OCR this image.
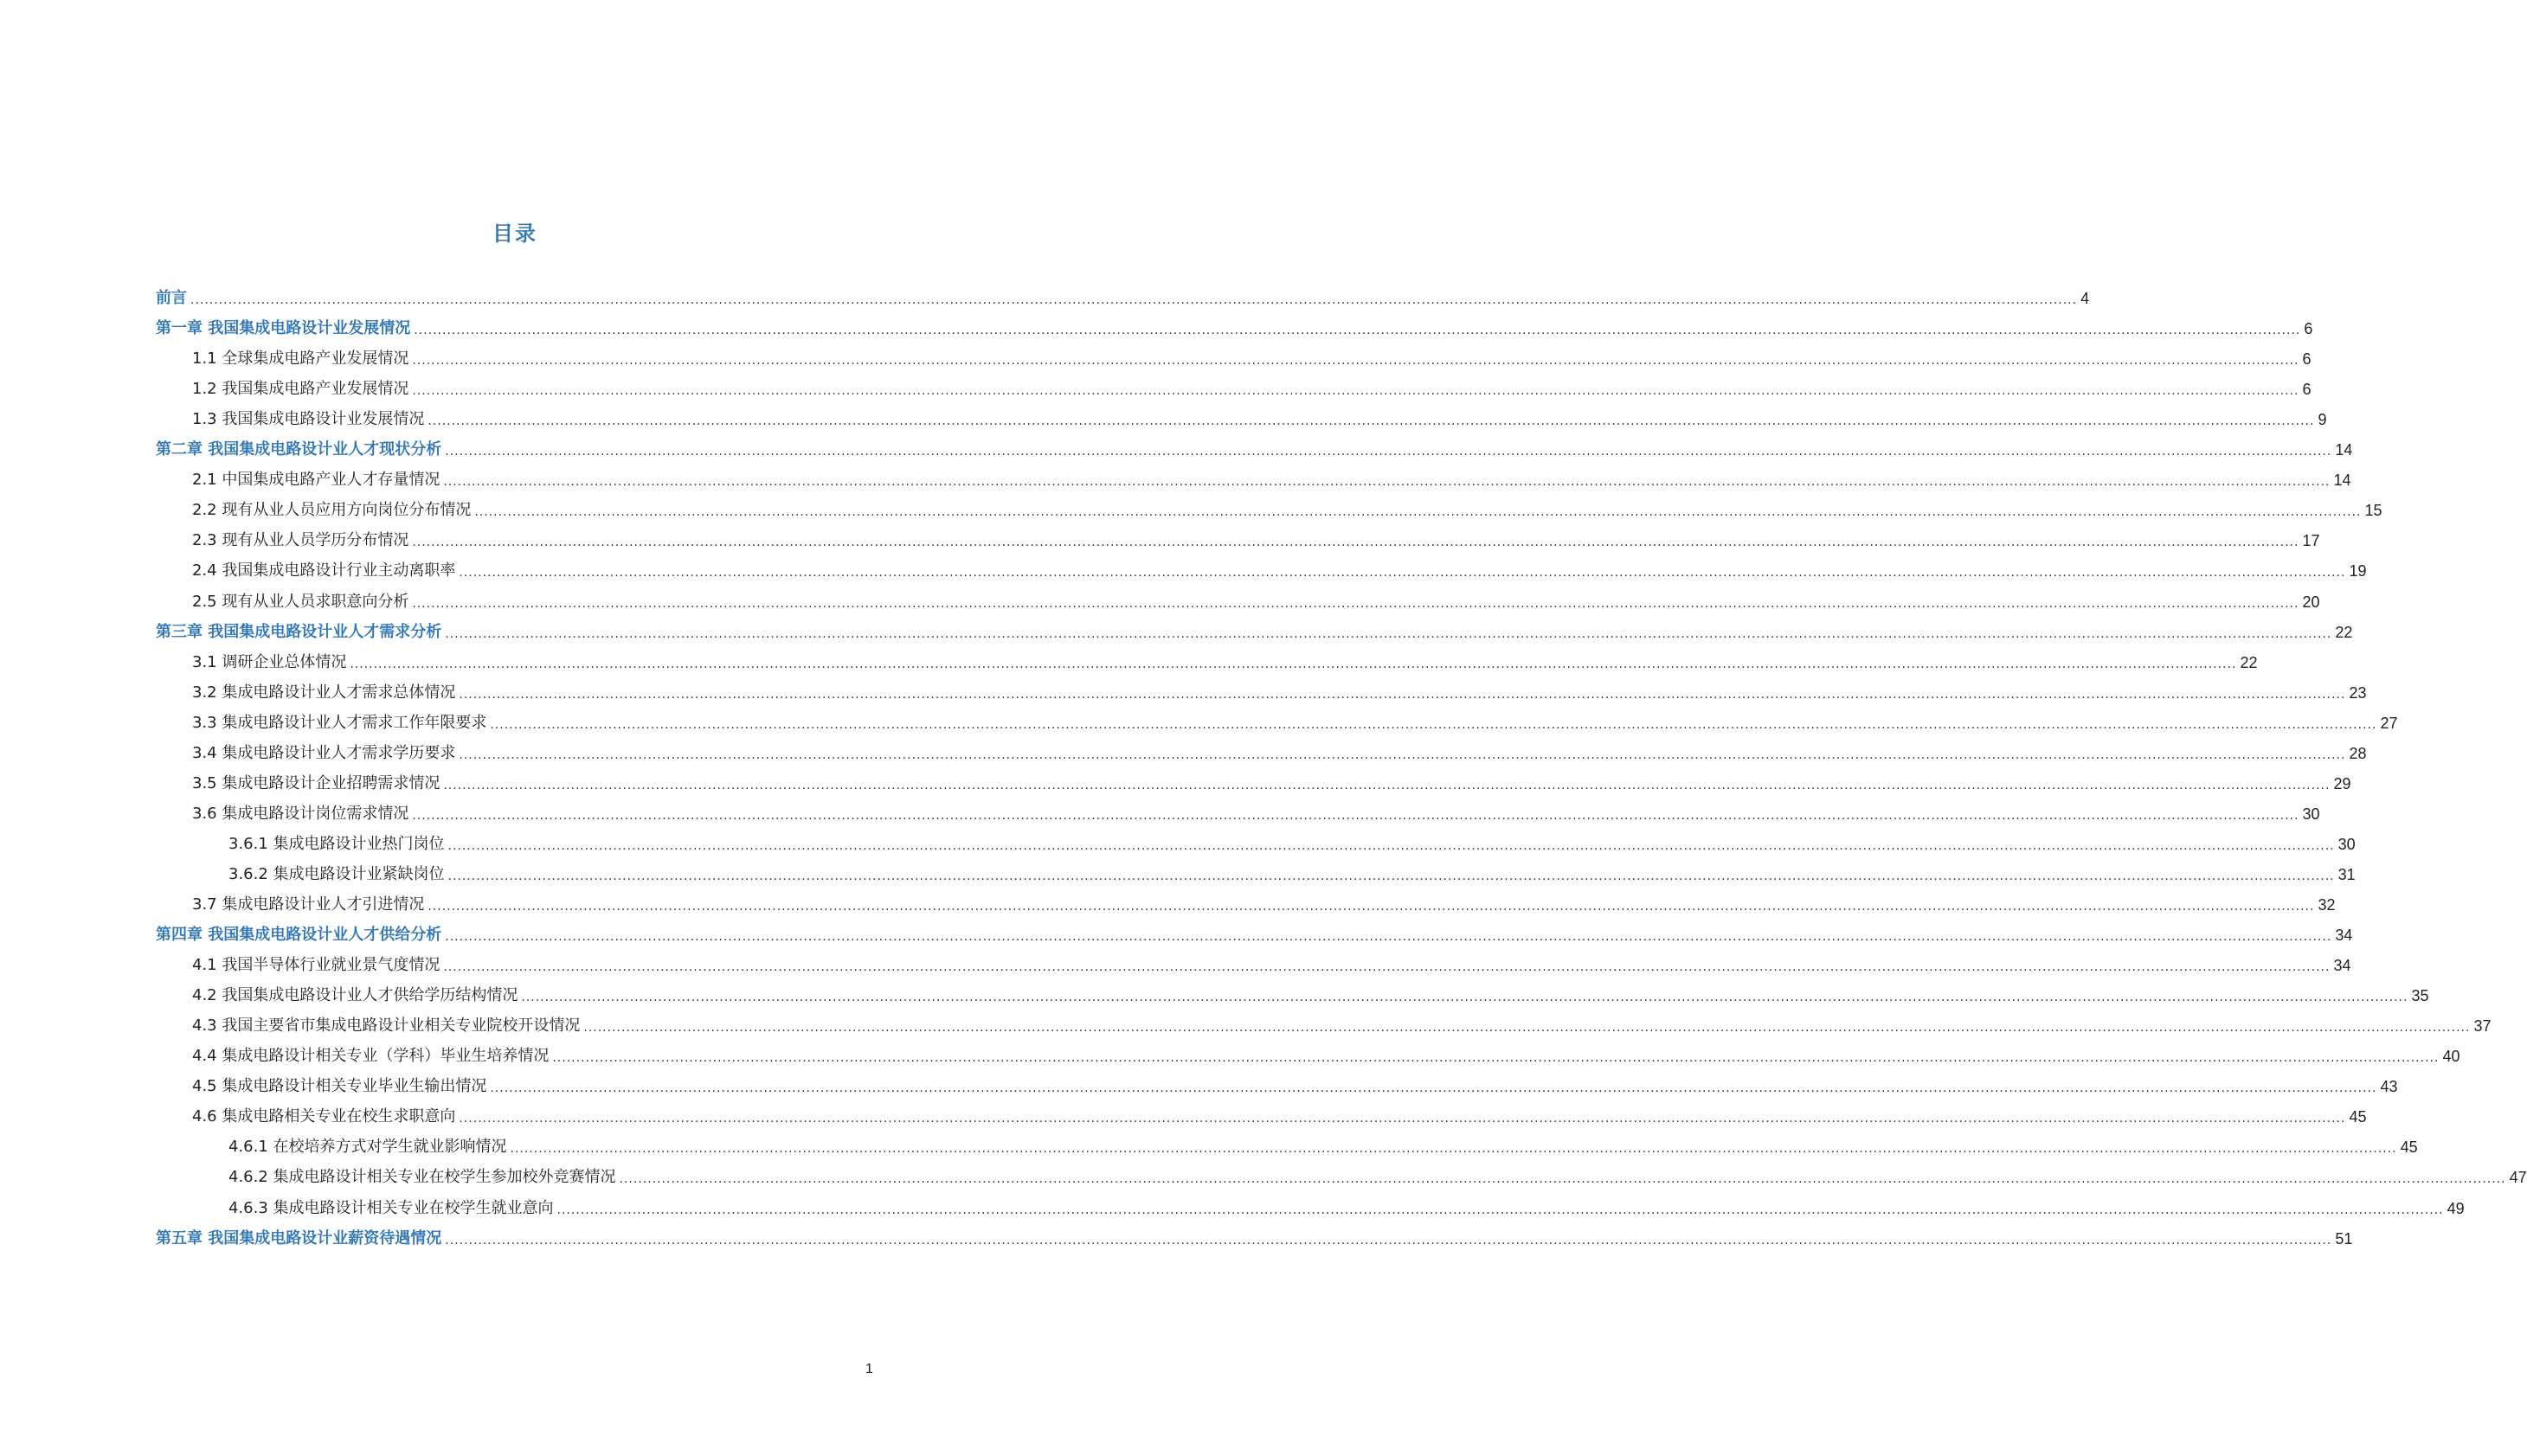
目录
前言 ................................................................................................................................................................................................................................................................................................................................................................................................................ 4
第一章 我国集成电路设计业发展情况 ................................................................................................................................................................................................................................................................................................................................................................................................................ 6
1.1 全球集成电路产业发展情况 ................................................................................................................................................................................................................................................................................................................................................................................................................ 6
1.2 我国集成电路产业发展情况 ................................................................................................................................................................................................................................................................................................................................................................................................................ 6
1.3 我国集成电路设计业发展情况 ................................................................................................................................................................................................................................................................................................................................................................................................................ 9
第二章 我国集成电路设计业人才现状分析 ................................................................................................................................................................................................................................................................................................................................................................................................................ 14
2.1 中国集成电路产业人才存量情况 ................................................................................................................................................................................................................................................................................................................................................................................................................ 14
2.2 现有从业人员应用方向岗位分布情况 ................................................................................................................................................................................................................................................................................................................................................................................................................ 15
2.3 现有从业人员学历分布情况 ................................................................................................................................................................................................................................................................................................................................................................................................................ 17
2.4 我国集成电路设计行业主动离职率 ................................................................................................................................................................................................................................................................................................................................................................................................................ 19
2.5 现有从业人员求职意向分析 ................................................................................................................................................................................................................................................................................................................................................................................................................ 20
第三章 我国集成电路设计业人才需求分析 ................................................................................................................................................................................................................................................................................................................................................................................................................ 22
3.1 调研企业总体情况 ................................................................................................................................................................................................................................................................................................................................................................................................................ 22
3.2 集成电路设计业人才需求总体情况 ................................................................................................................................................................................................................................................................................................................................................................................................................ 23
3.3 集成电路设计业人才需求工作年限要求 ................................................................................................................................................................................................................................................................................................................................................................................................................ 27
3.4 集成电路设计业人才需求学历要求 ................................................................................................................................................................................................................................................................................................................................................................................................................ 28
3.5 集成电路设计企业招聘需求情况 ................................................................................................................................................................................................................................................................................................................................................................................................................ 29
3.6 集成电路设计岗位需求情况 ................................................................................................................................................................................................................................................................................................................................................................................................................ 30
3.6.1 集成电路设计业热门岗位 ................................................................................................................................................................................................................................................................................................................................................................................................................ 30
3.6.2 集成电路设计业紧缺岗位 ................................................................................................................................................................................................................................................................................................................................................................................................................ 31
3.7 集成电路设计业人才引进情况 ................................................................................................................................................................................................................................................................................................................................................................................................................ 32
第四章 我国集成电路设计业人才供给分析 ................................................................................................................................................................................................................................................................................................................................................................................................................ 34
4.1 我国半导体行业就业景气度情况 ................................................................................................................................................................................................................................................................................................................................................................................................................ 34
4.2 我国集成电路设计业人才供给学历结构情况 ................................................................................................................................................................................................................................................................................................................................................................................................................ 35
4.3 我国主要省市集成电路设计业相关专业院校开设情况 ................................................................................................................................................................................................................................................................................................................................................................................................................ 37
4.4 集成电路设计相关专业（学科）毕业生培养情况 ................................................................................................................................................................................................................................................................................................................................................................................................................ 40
4.5 集成电路设计相关专业毕业生输出情况 ................................................................................................................................................................................................................................................................................................................................................................................................................ 43
4.6 集成电路相关专业在校生求职意向 ................................................................................................................................................................................................................................................................................................................................................................................................................ 45
4.6.1 在校培养方式对学生就业影响情况 ................................................................................................................................................................................................................................................................................................................................................................................................................ 45
4.6.2 集成电路设计相关专业在校学生参加校外竞赛情况 ................................................................................................................................................................................................................................................................................................................................................................................................................ 47
4.6.3 集成电路设计相关专业在校学生就业意向 ................................................................................................................................................................................................................................................................................................................................................................................................................ 49
第五章 我国集成电路设计业薪资待遇情况 ................................................................................................................................................................................................................................................................................................................................................................................................................ 51
1
